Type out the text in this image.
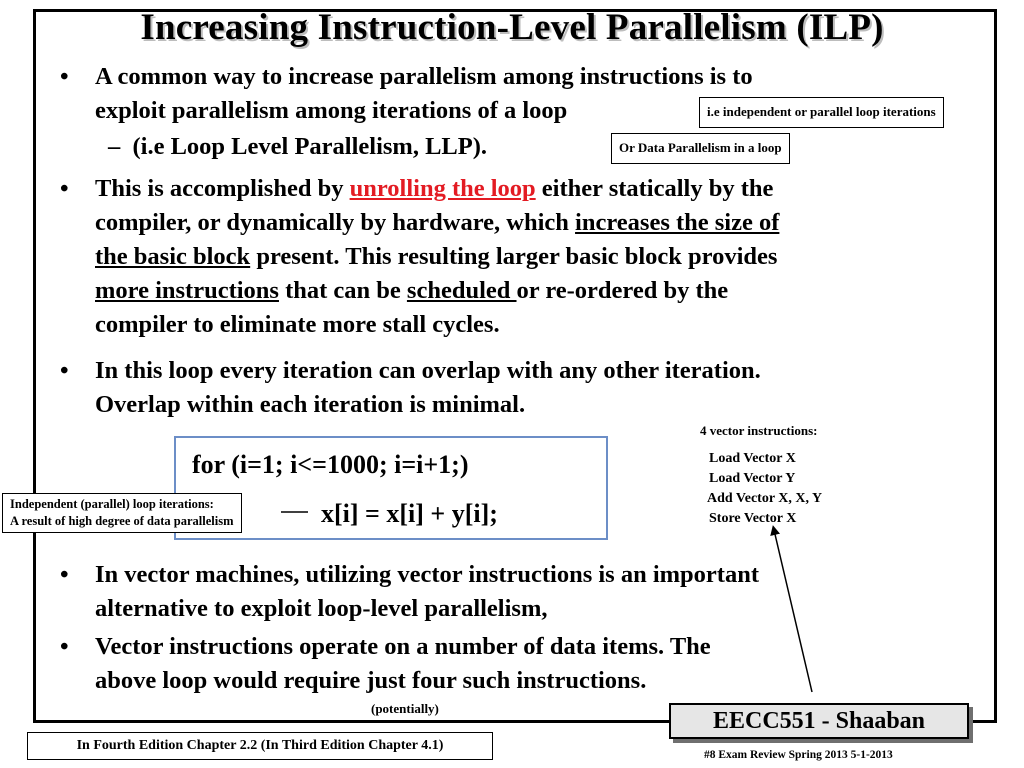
Increasing Instruction-Level Parallelism (ILP)
•	A common way to increase parallelism among instructions is to
exploit parallelism among iterations of a loop
– (i.e Loop Level Parallelism, LLP).
i.e independent or parallel loop iterations
Or Data Parallelism in a loop
•	This is accomplished by unrolling the loop either statically by the
compiler, or dynamically by hardware, which increases the size of
the basic block present. This resulting larger basic block provides
more instructions that can be scheduled or re-ordered by the
compiler to eliminate more stall cycles.
•	In this loop every iteration can overlap with any other iteration.
Overlap within each iteration is minimal.
4 vector instructions:
Load Vector X
Load Vector Y
Add Vector X, X, Y
Store Vector X
for (i=1; i<=1000; i=i+1;)
x[i] = x[i] + y[i];
Independent (parallel) loop iterations:
A result of high degree of data parallelism
•	In vector machines, utilizing vector instructions is an important
alternative to exploit loop-level parallelism,
•	Vector instructions operate on a number of data items. The
above loop would require just four such instructions.
(potentially)
In Fourth Edition Chapter 2.2 (In Third Edition Chapter 4.1)
EECC551 - Shaaban
#8 Exam Review Spring 2013 5-1-2013
